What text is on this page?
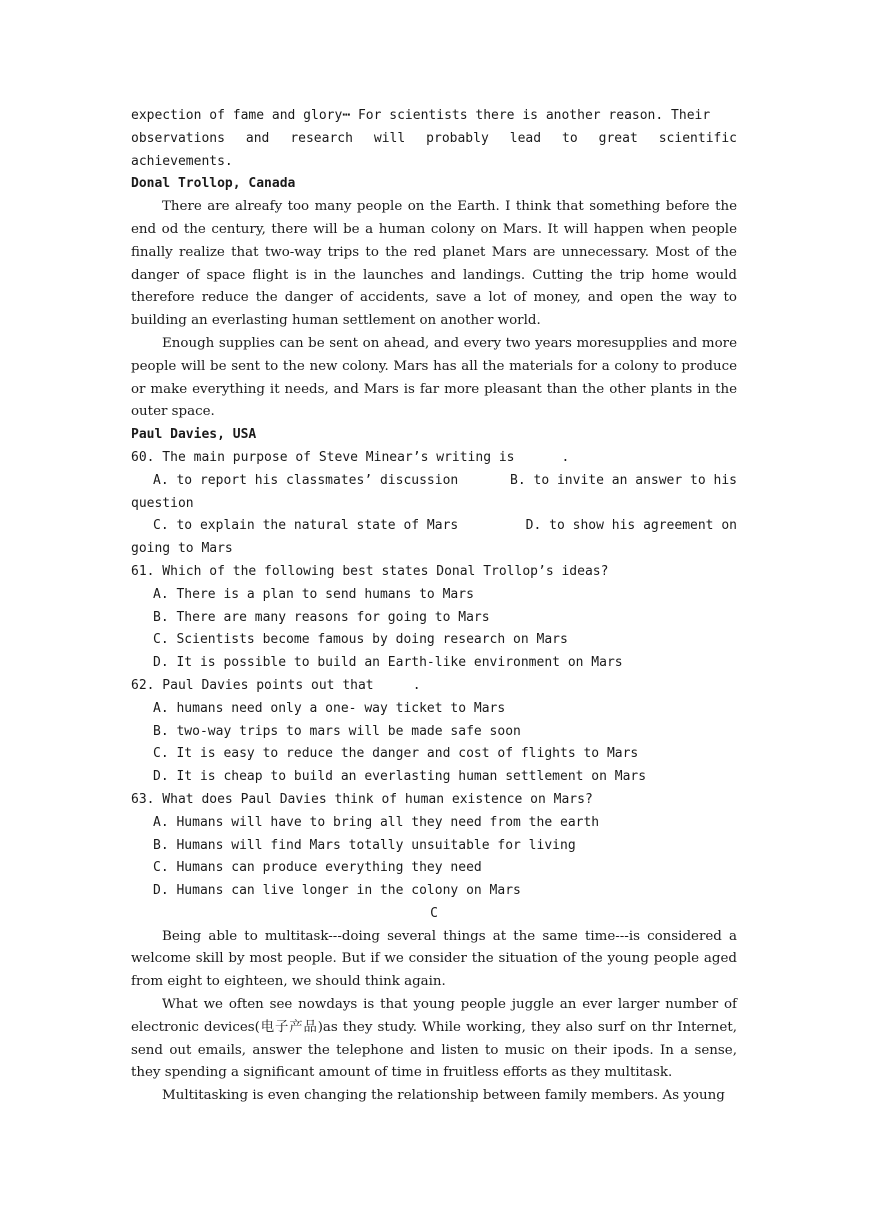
expection of fame and glory┅ For scientists there is another reason. Their

observations and research will probably lead to great scientific achievements.

Donal Trollop, Canada

There are alreafy too many people on the Earth. I think that something before the end od the century, there will be a human colony on Mars. It will happen when people finally realize that two-way trips to the red planet Mars are unnecessary. Most of the danger of space flight is in the launches and landings. Cutting the trip home would therefore reduce the danger of accidents, save a lot of money, and open the way to building an everlasting human settlement on another world.

Enough supplies can be sent on ahead, and every two years moresupplies and more people will be sent to the new colony. Mars has all the materials for a colony to produce or make everything it needs, and Mars is far more pleasant than the other plants in the outer space.

Paul Davies, USA

60. The main purpose of Steve Minear’s writing is      .

A. to report his classmates’ discussion	B. to invite an answer to his

question

C. to explain the natural state of Mars	D. to show his agreement on

going to Mars

61. Which of the following best states Donal Trollop’s ideas?

A. There is a plan to send humans to Mars

B. There are many reasons for going to Mars

C. Scientists become famous by doing research on Mars

D. It is possible to build an Earth-like environment on Mars

62. Paul Davies points out that     .

A. humans need only a one- way ticket to Mars

B. two-way trips to mars will be made safe soon

C. It is easy to reduce the danger and cost of flights to Mars

D. It is cheap to build an everlasting human settlement on Mars

63. What does Paul Davies think of human existence on Mars?

A. Humans will have to bring all they need from the earth

B. Humans will find Mars totally unsuitable for living

C. Humans can produce everything they need

D. Humans can live longer in the colony on Mars

C

Being able to multitask---doing several things at the same time---is considered a welcome skill by most people. But if we consider the situation of the young people aged from eight to eighteen, we should think again.

What we often see nowdays is that young people juggle an ever larger number of electronic devices(电子产品)as they study. While working, they also surf on thr Internet, send out emails, answer the telephone and listen to music on their ipods. In a sense, they spending a significant amount of time in fruitless efforts as they multitask.

Multitasking is even changing the relationship between family members. As young
